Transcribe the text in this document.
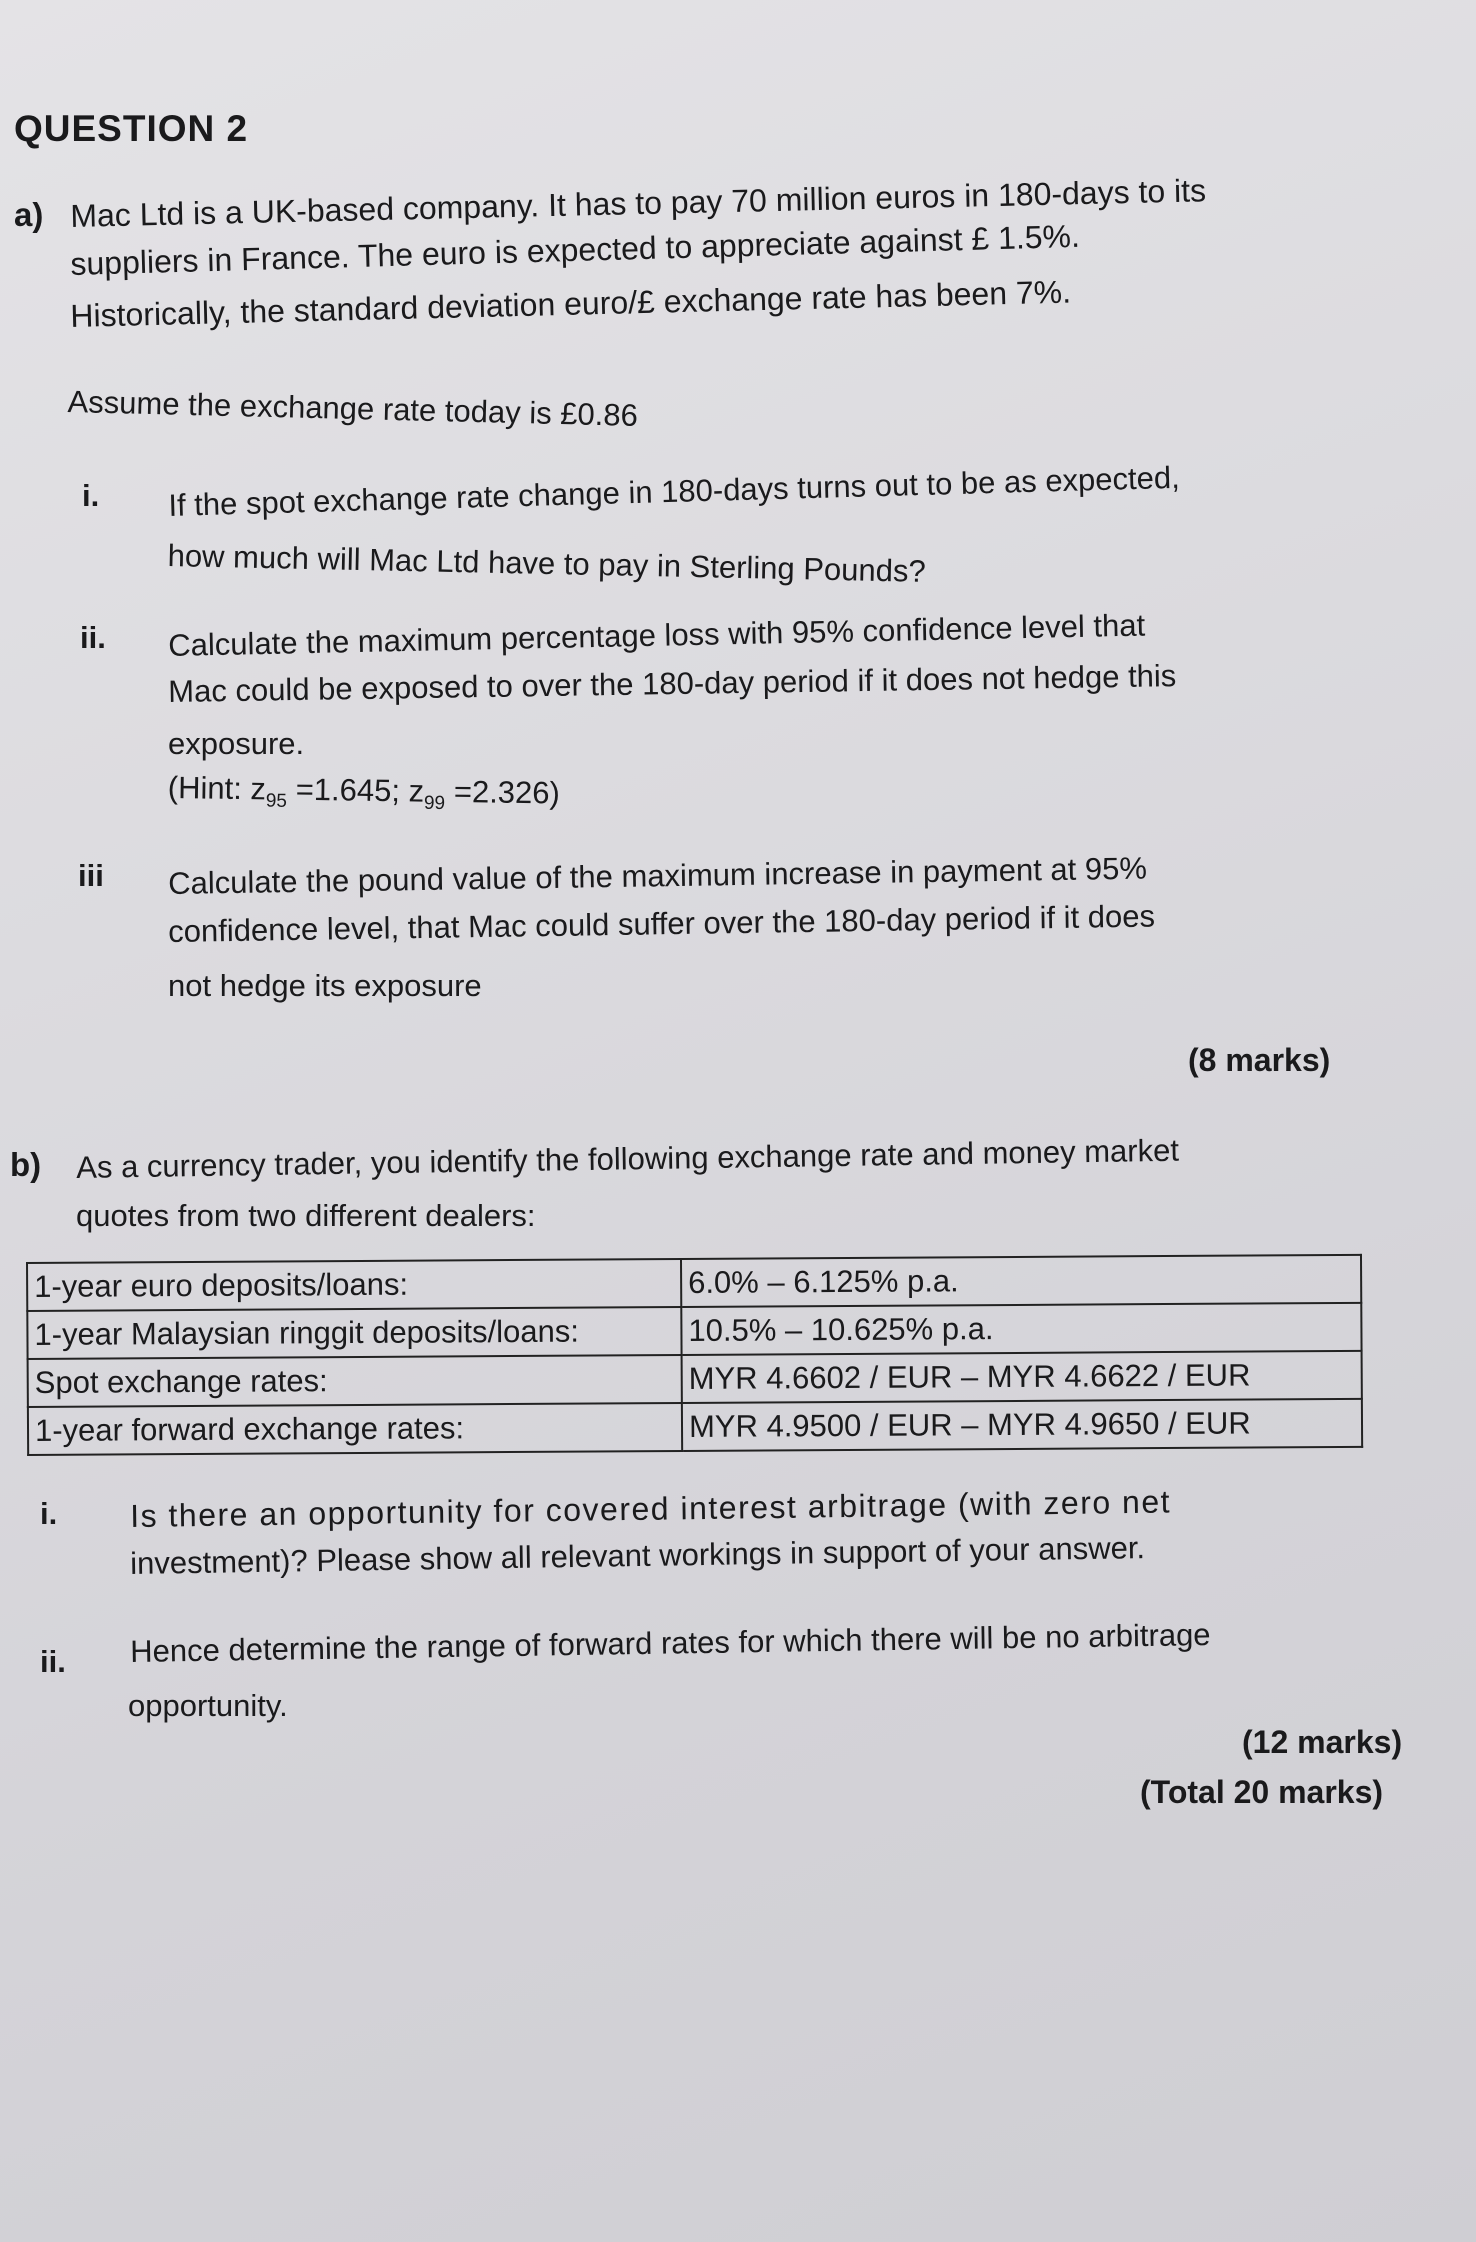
QUESTION 2
a) Mac Ltd is a UK-based company. It has to pay 70 million euros in 180-days to its
suppliers in France. The euro is expected to appreciate against £ 1.5%.
Historically, the standard deviation euro/£ exchange rate has been 7%.
Assume the exchange rate today is £0.86
i. If the spot exchange rate change in 180-days turns out to be as expected,
how much will Mac Ltd have to pay in Sterling Pounds?
ii. Calculate the maximum percentage loss with 95% confidence level that
Mac could be exposed to over the 180-day period if it does not hedge this
exposure.
(Hint: $z_{95} =1.645$; $z_{99} =2.326$)
iii Calculate the pound value of the maximum increase in payment at 95%
confidence level, that Mac could suffer over the 180-day period if it does
not hedge its exposure
(8 marks)
b) As a currency trader, you identify the following exchange rate and money market
quotes from two different dealers:
1-year euro deposits/loans:	6.0% – 6.125% p.a.
1-year Malaysian ringgit deposits/loans:	10.5% – 10.625% p.a.
Spot exchange rates:	MYR 4.6602 / EUR – MYR 4.6622 / EUR
1-year forward exchange rates:	MYR 4.9500 / EUR – MYR 4.9650 / EUR
i. Is there an opportunity for covered interest arbitrage (with zero net
investment)? Please show all relevant workings in support of your answer.
ii. Hence determine the range of forward rates for which there will be no arbitrage
opportunity.
(12 marks)
(Total 20 marks)
